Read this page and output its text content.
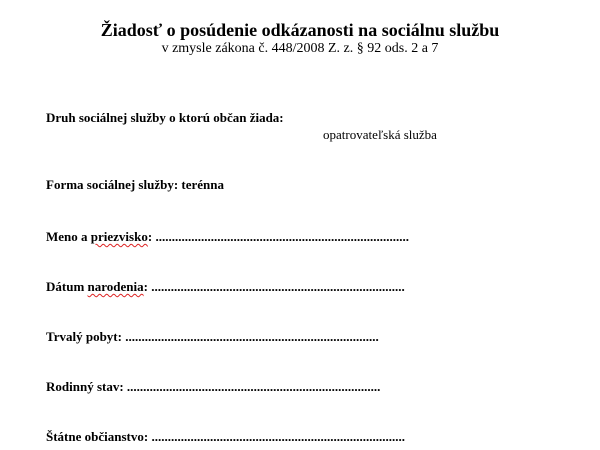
Žiadosť o posúdenie odkázanosti na sociálnu službu
v zmysle zákona č. 448/2008 Z. z. § 92 ods. 2 a 7
Druh sociálnej služby o ktorú občan žiada:
opatrovateľská služba
Forma sociálnej služby: terénna
Meno a priezvisko: ..............................................................................
Dátum narodenia: ..............................................................................
Trvalý pobyt: ..............................................................................
Rodinný stav: ..............................................................................
Štátne občianstvo: ..............................................................................
